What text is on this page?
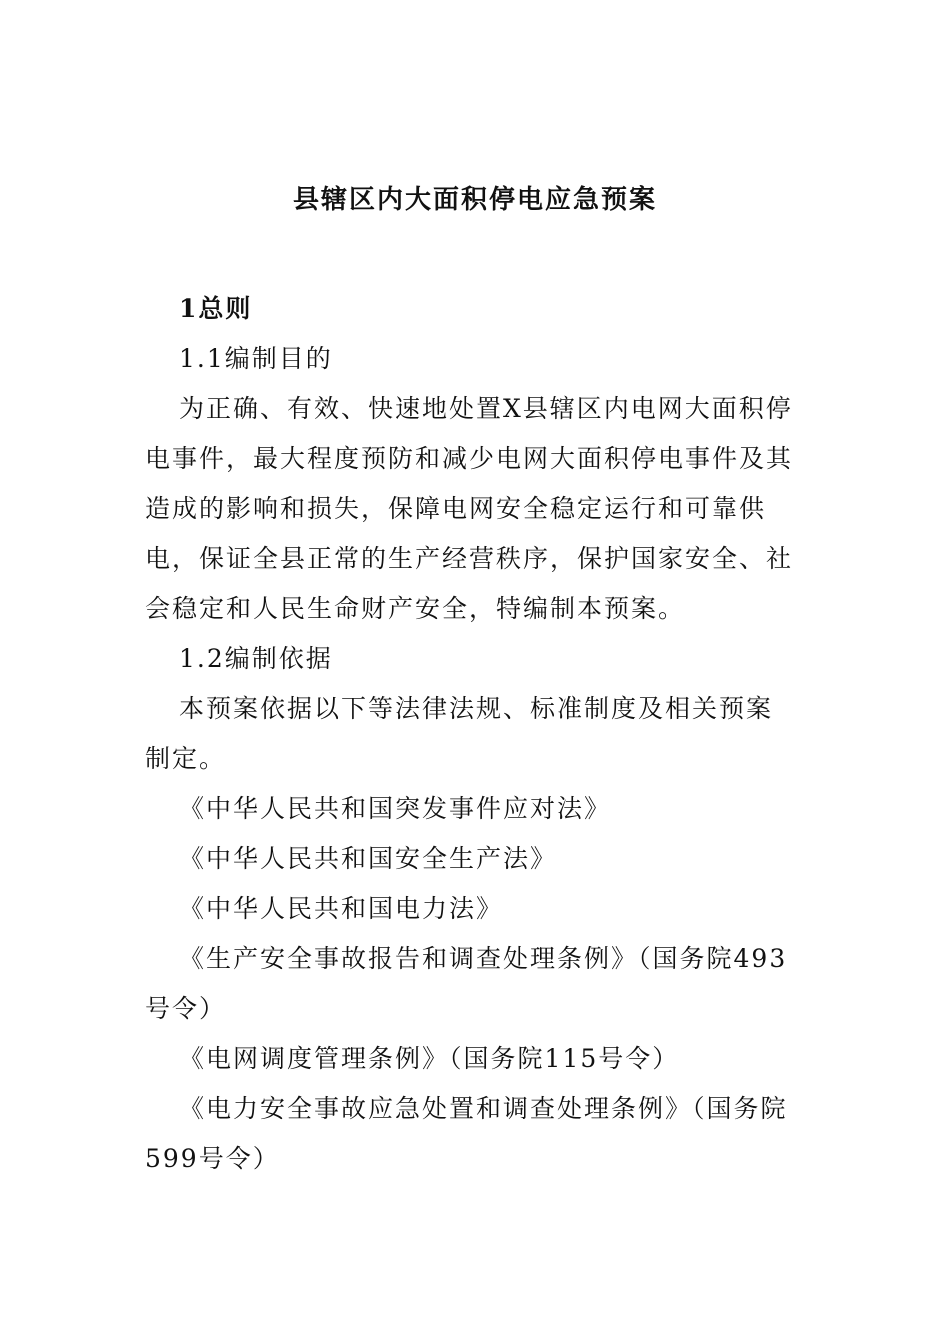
县辖区内大面积停电应急预案

1总则

1.1编制目的

为正确、有效、快速地处置X县辖区内电网大面积停电事件，最大程度预防和减少电网大面积停电事件及其造成的影响和损失，保障电网安全稳定运行和可靠供电，保证全县正常的生产经营秩序，保护国家安全、社会稳定和人民生命财产安全，特编制本预案。

1.2编制依据

本预案依据以下等法律法规、标准制度及相关预案制定。

《中华人民共和国突发事件应对法》

《中华人民共和国安全生产法》

《中华人民共和国电力法》

《生产安全事故报告和调查处理条例》（国务院493号令）

《电网调度管理条例》（国务院115号令）

《电力安全事故应急处置和调查处理条例》（国务院599号令）
